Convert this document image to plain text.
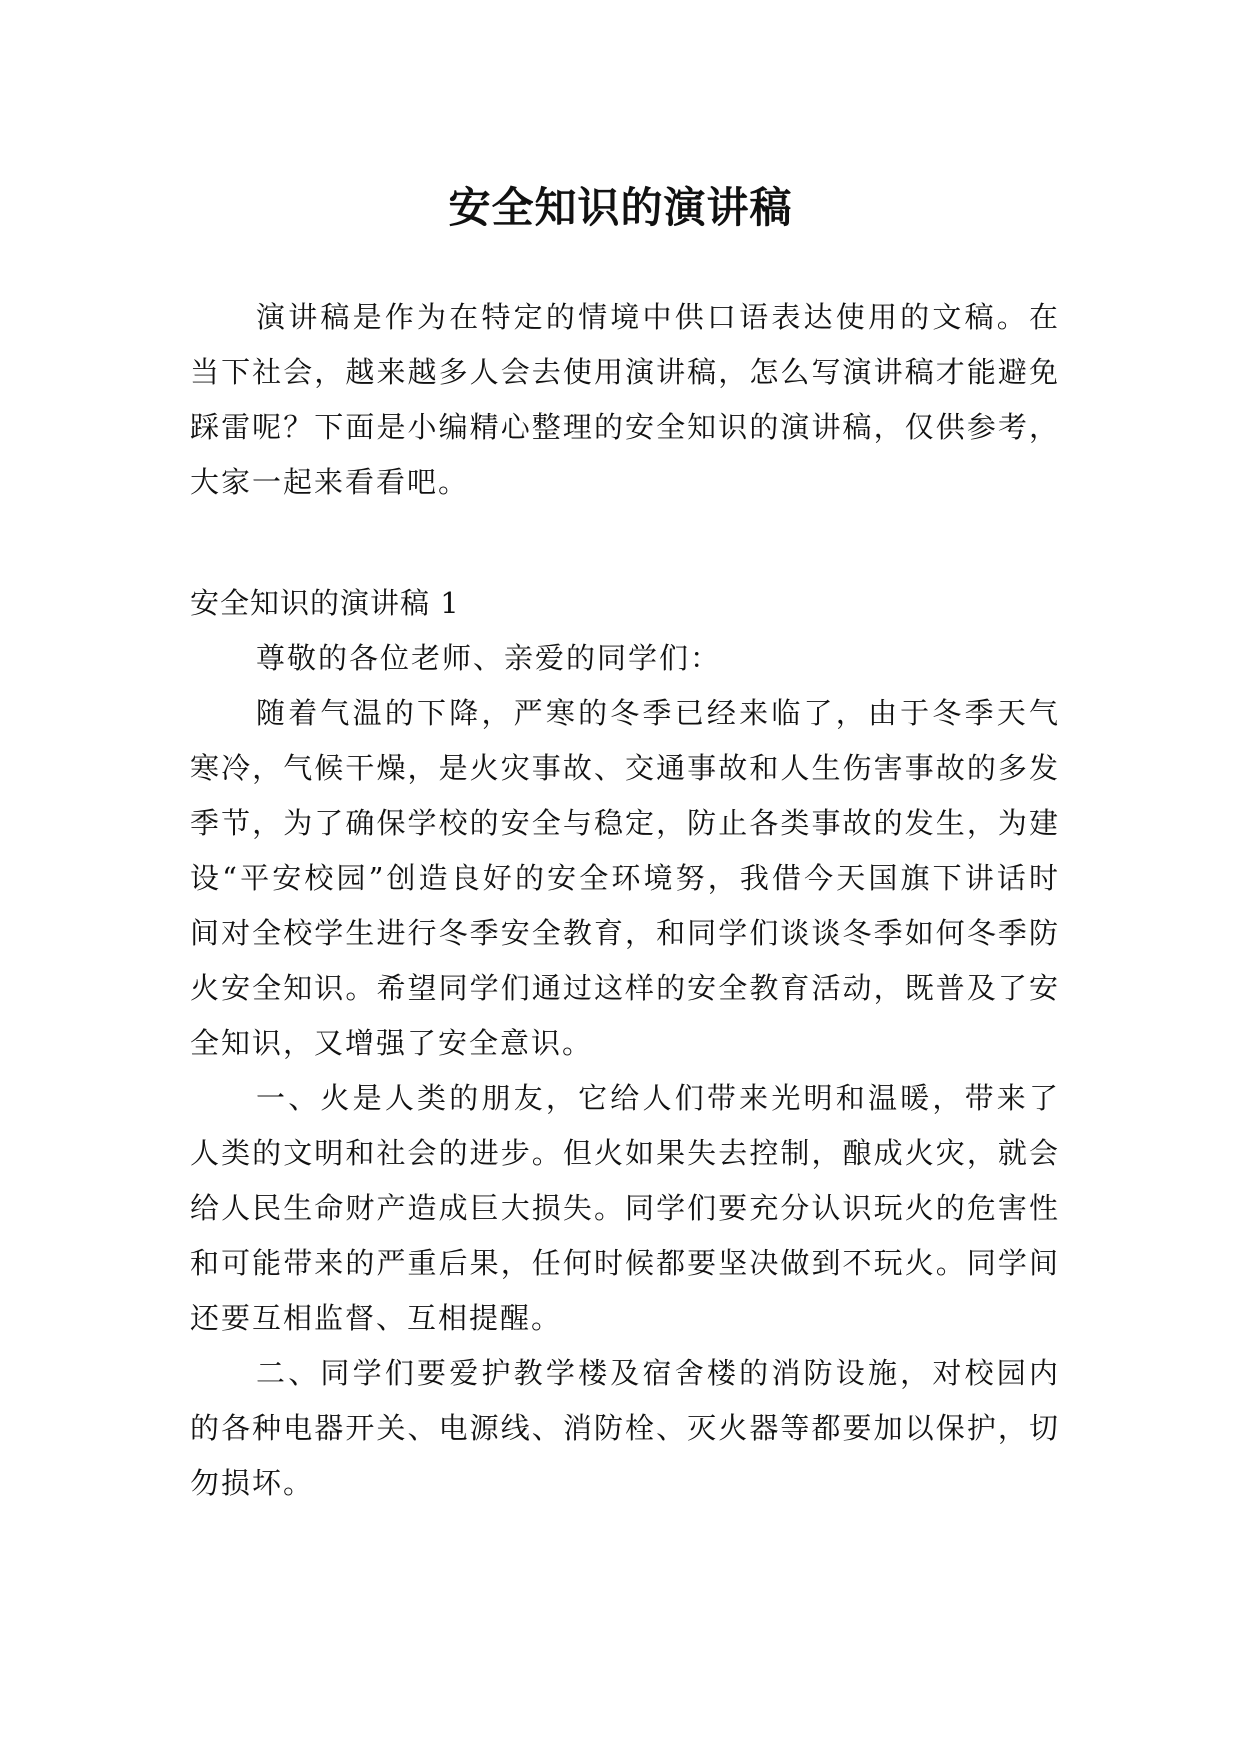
安全知识的演讲稿

演讲稿是作为在特定的情境中供口语表达使用的文稿。在当下社会，越来越多人会去使用演讲稿，怎么写演讲稿才能避免踩雷呢？下面是小编精心整理的安全知识的演讲稿，仅供参考，大家一起来看看吧。

安全知识的演讲稿 1

尊敬的各位老师、亲爱的同学们：

随着气温的下降，严寒的冬季已经来临了，由于冬季天气寒冷，气候干燥，是火灾事故、交通事故和人生伤害事故的多发季节，为了确保学校的安全与稳定，防止各类事故的发生，为建设“平安校园”创造良好的安全环境努，我借今天国旗下讲话时间对全校学生进行冬季安全教育，和同学们谈谈冬季如何冬季防火安全知识。希望同学们通过这样的安全教育活动，既普及了安全知识，又增强了安全意识。

一、火是人类的朋友，它给人们带来光明和温暖，带来了人类的文明和社会的进步。但火如果失去控制，酿成火灾，就会给人民生命财产造成巨大损失。同学们要充分认识玩火的危害性和可能带来的严重后果，任何时候都要坚决做到不玩火。同学间还要互相监督、互相提醒。

二、同学们要爱护教学楼及宿舍楼的消防设施，对校园内的各种电器开关、电源线、消防栓、灭火器等都要加以保护，切勿损坏。
